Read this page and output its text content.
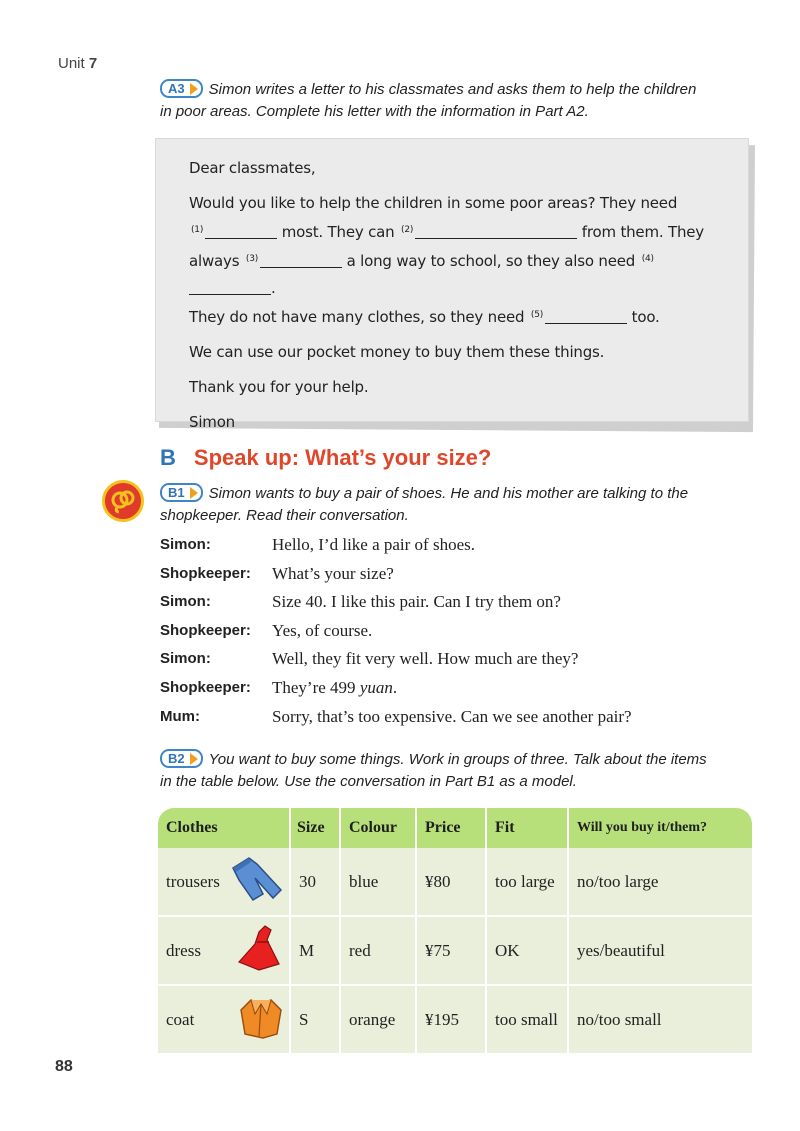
Unit 7
A3 Simon writes a letter to his classmates and asks them to help the children
in poor areas. Complete his letter with the information in Part A2.

Dear classmates,

Would you like to help the children in some poor areas? They need

$^{(1)}$	most. They can $^{(2)}$	from them. They

always $^{(3)}$	a long way to school, so they also need $^{(4)}$.

They do not have many clothes, so they need $^{(5)}$	too.

We can use our pocket money to buy them these things.

Thank you for your help.

Simon

B Speak up: What’s your size?
B1 Simon wants to buy a pair of shoes. He and his mother are talking to the
shopkeeper. Read their conversation.
Simon:	Hello, I’d like a pair of shoes.
Shopkeeper: What’s your size?
Simon:	Size 40. I like this pair. Can I try them on?
Shopkeeper: Yes, of course.
Simon:	Well, they fit very well. How much are they?
Shopkeeper: They’re 499 yuan.
Mum:	Sorry, that’s too expensive. Can we see another pair?
B2 You want to buy some things. Work in groups of three. Talk about the items
in the table below. Use the conversation in Part B1 as a model.
Clothes	Size	Colour	Price	Fit	Will you buy it/them?

trousers	30	blue	¥80	too large	no/too large

dress	M	red	¥75	OK	yes/beautiful

coat	S	orange	¥195	too small	no/too small
88
